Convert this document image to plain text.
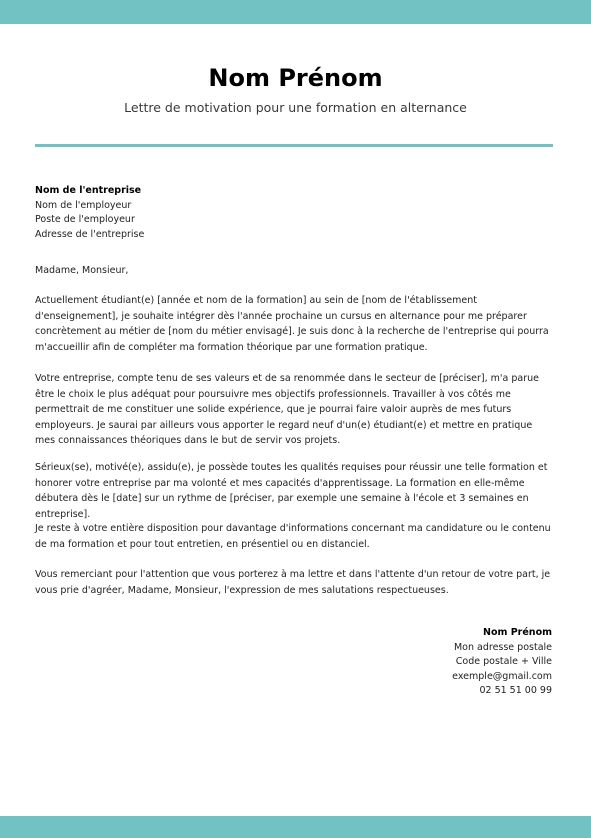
Nom Prénom
Lettre de motivation pour une formation en alternance
Nom de l'entreprise
Nom de l'employeur
Poste de l'employeur
Adresse de l'entreprise

Madame, Monsieur,

Actuellement étudiant(e) [année et nom de la formation] au sein de [nom de l'établissement d'enseignement], je souhaite intégrer dès l'année prochaine un cursus en alternance pour me préparer concrètement au métier de [nom du métier envisagé]. Je suis donc à la recherche de l'entreprise qui pourra m'accueillir afin de compléter ma formation théorique par une formation pratique.

Votre entreprise, compte tenu de ses valeurs et de sa renommée dans le secteur de [préciser], m'a parue être le choix le plus adéquat pour poursuivre mes objectifs professionnels. Travailler à vos côtés me permettrait de me constituer une solide expérience, que je pourrai faire valoir auprès de mes futurs employeurs. Je saurai par ailleurs vous apporter le regard neuf d'un(e) étudiant(e) et mettre en pratique mes connaissances théoriques dans le but de servir vos projets.

Sérieux(se), motivé(e), assidu(e), je possède toutes les qualités requises pour réussir une telle formation et honorer votre entreprise par ma volonté et mes capacités d'apprentissage. La formation en elle-même débutera dès le [date] sur un rythme de [préciser, par exemple une semaine à l'école et 3 semaines en entreprise].

Je reste à votre entière disposition pour davantage d'informations concernant ma candidature ou le contenu de ma formation et pour tout entretien, en présentiel ou en distanciel.

Vous remerciant pour l'attention que vous porterez à ma lettre et dans l'attente d'un retour de votre part, je vous prie d'agréer, Madame, Monsieur, l'expression de mes salutations respectueuses.

Nom Prénom
Mon adresse postale
Code postale + Ville
exemple@gmail.com
02 51 51 00 99
